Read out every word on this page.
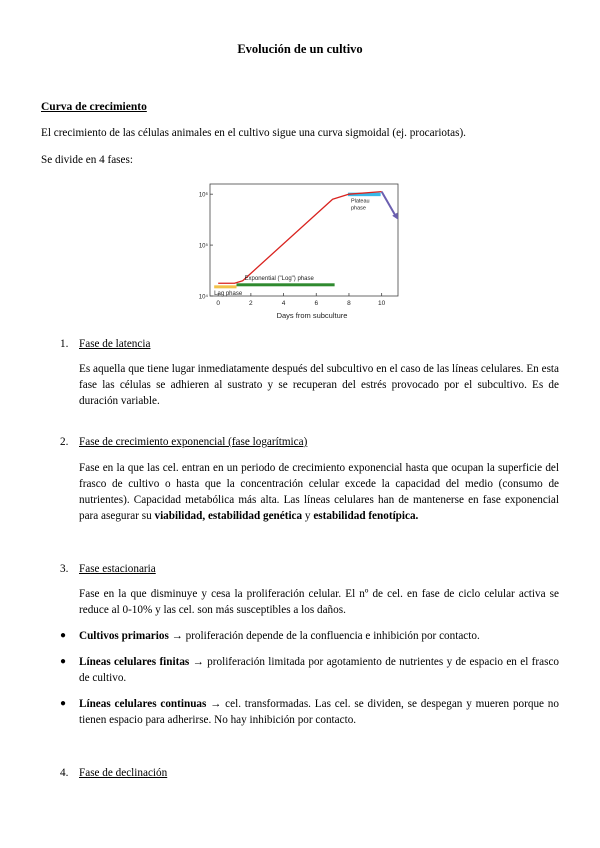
Evolución de un cultivo
Curva de crecimiento
El crecimiento de las células animales en el cultivo sigue una curva sigmoidal (ej. procariotas).
Se divide en 4 fases:
10⁶
10⁵
10⁴
0	2	4	6	8	10
Days from subculture
Lag phase
Exponential ("Log") phase
Plateau
phase
1. Fase de latencia
Es aquella que tiene lugar inmediatamente después del subcultivo en el caso de las líneas celulares. En esta fase las células se adhieren al sustrato y se recuperan del estrés provocado por el subcultivo. Es de duración variable.
2. Fase de crecimiento exponencial (fase logarítmica)
Fase en la que las cel. entran en un periodo de crecimiento exponencial hasta que ocupan la superficie del frasco de cultivo o hasta que la concentración celular excede la capacidad del medio (consumo de nutrientes). Capacidad metabólica más alta. Las líneas celulares han de mantenerse en fase exponencial para asegurar su viabilidad, estabilidad genética y estabilidad fenotípica.
3. Fase estacionaria
Fase en la que disminuye y cesa la proliferación celular. El nº de cel. en fase de ciclo celular activa se reduce al 0-10% y las cel. son más susceptibles a los daños.
● Cultivos primarios → proliferación depende de la confluencia e inhibición por contacto.
● Líneas celulares finitas → proliferación limitada por agotamiento de nutrientes y de espacio en el frasco de cultivo.
● Líneas celulares continuas → cel. transformadas. Las cel. se dividen, se despegan y mueren porque no tienen espacio para adherirse. No hay inhibición por contacto.
4. Fase de declinación
